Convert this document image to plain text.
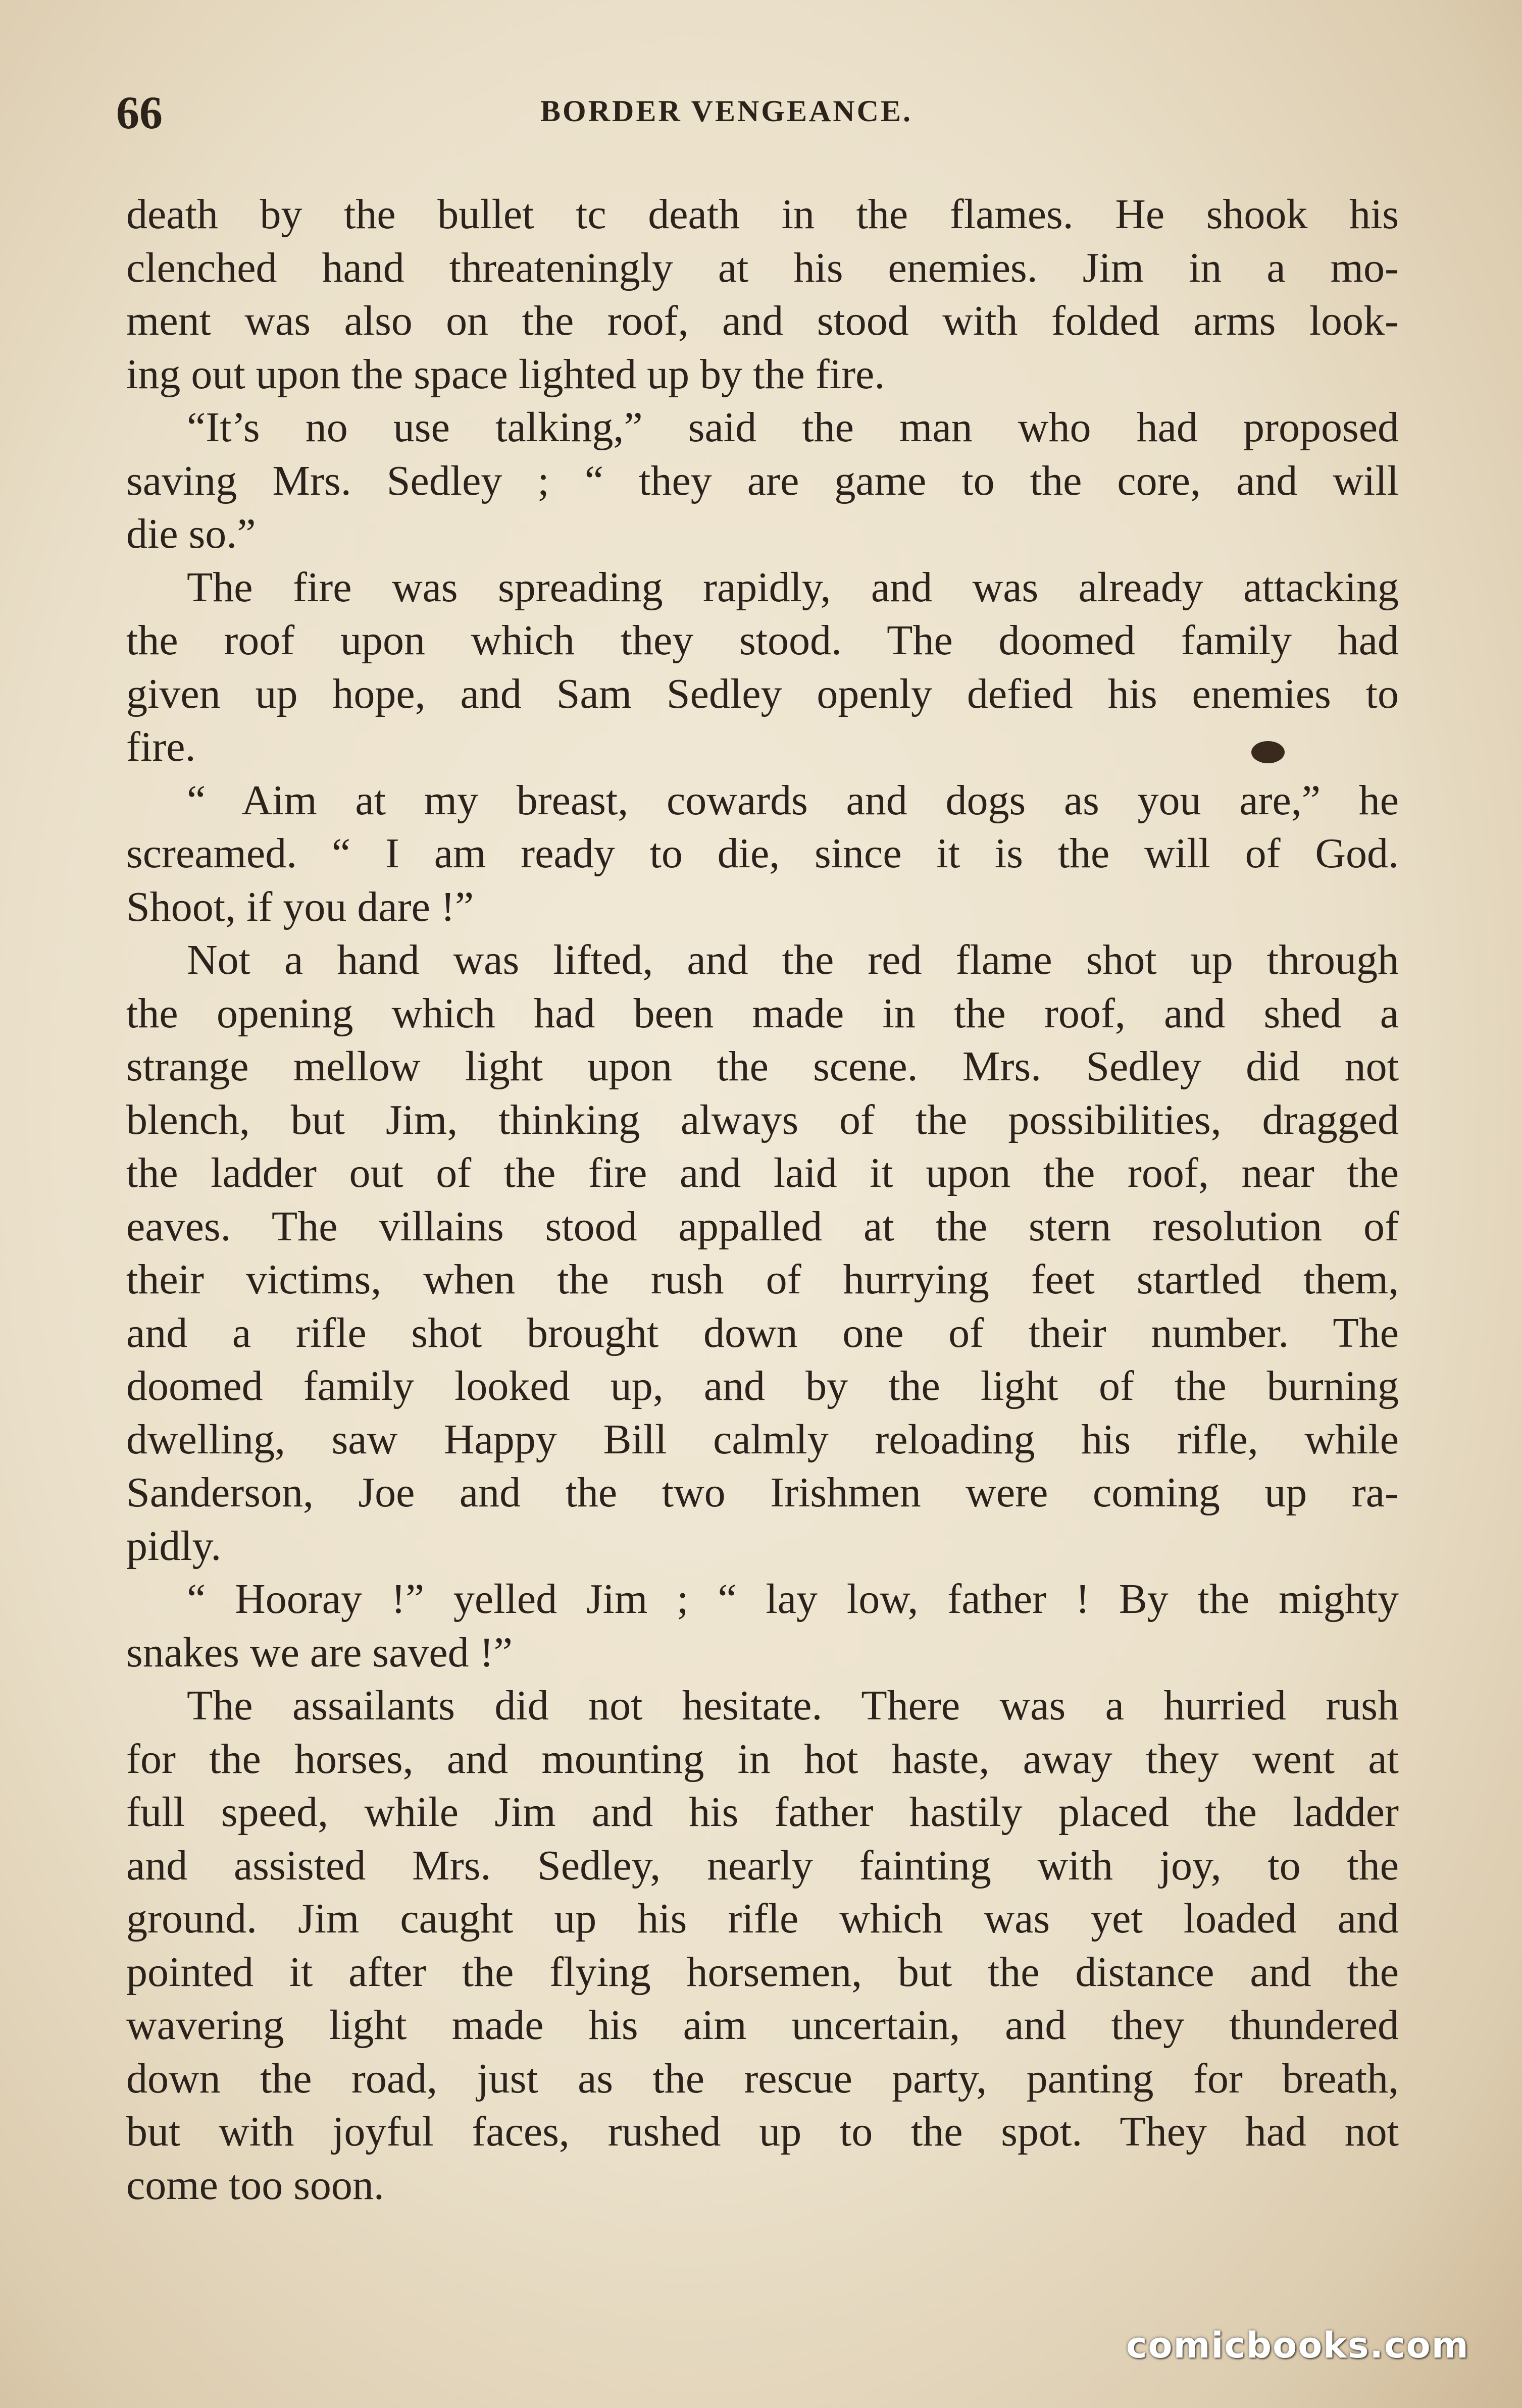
66	BORDER VENGEANCE.
death by the bullet tc death in the flames. He shook his
clenched hand threateningly at his enemies. Jim in a mo-
ment was also on the roof, and stood with folded arms look-
ing out upon the space lighted up by the fire.
“It’s no use talking,” said the man who had proposed
saving Mrs. Sedley ; “ they are game to the core, and will
die so.”
The fire was spreading rapidly, and was already attacking
the roof upon which they stood. The doomed family had
given up hope, and Sam Sedley openly defied his enemies to
fire.
“ Aim at my breast, cowards and dogs as you are,” he
screamed. “ I am ready to die, since it is the will of God.
Shoot, if you dare !”
Not a hand was lifted, and the red flame shot up through
the opening which had been made in the roof, and shed a
strange mellow light upon the scene. Mrs. Sedley did not
blench, but Jim, thinking always of the possibilities, dragged
the ladder out of the fire and laid it upon the roof, near the
eaves. The villains stood appalled at the stern resolution of
their victims, when the rush of hurrying feet startled them,
and a rifle shot brought down one of their number. The
doomed family looked up, and by the light of the burning
dwelling, saw Happy Bill calmly reloading his rifle, while
Sanderson, Joe and the two Irishmen were coming up ra-
pidly.
“ Hooray !” yelled Jim ; “ lay low, father ! By the mighty
snakes we are saved !”
The assailants did not hesitate. There was a hurried rush
for the horses, and mounting in hot haste, away they went at
full speed, while Jim and his father hastily placed the ladder
and assisted Mrs. Sedley, nearly fainting with joy, to the
ground. Jim caught up his rifle which was yet loaded and
pointed it after the flying horsemen, but the distance and the
wavering light made his aim uncertain, and they thundered
down the road, just as the rescue party, panting for breath,
but with joyful faces, rushed up to the spot. They had not
come too soon.
comicbooks.com
